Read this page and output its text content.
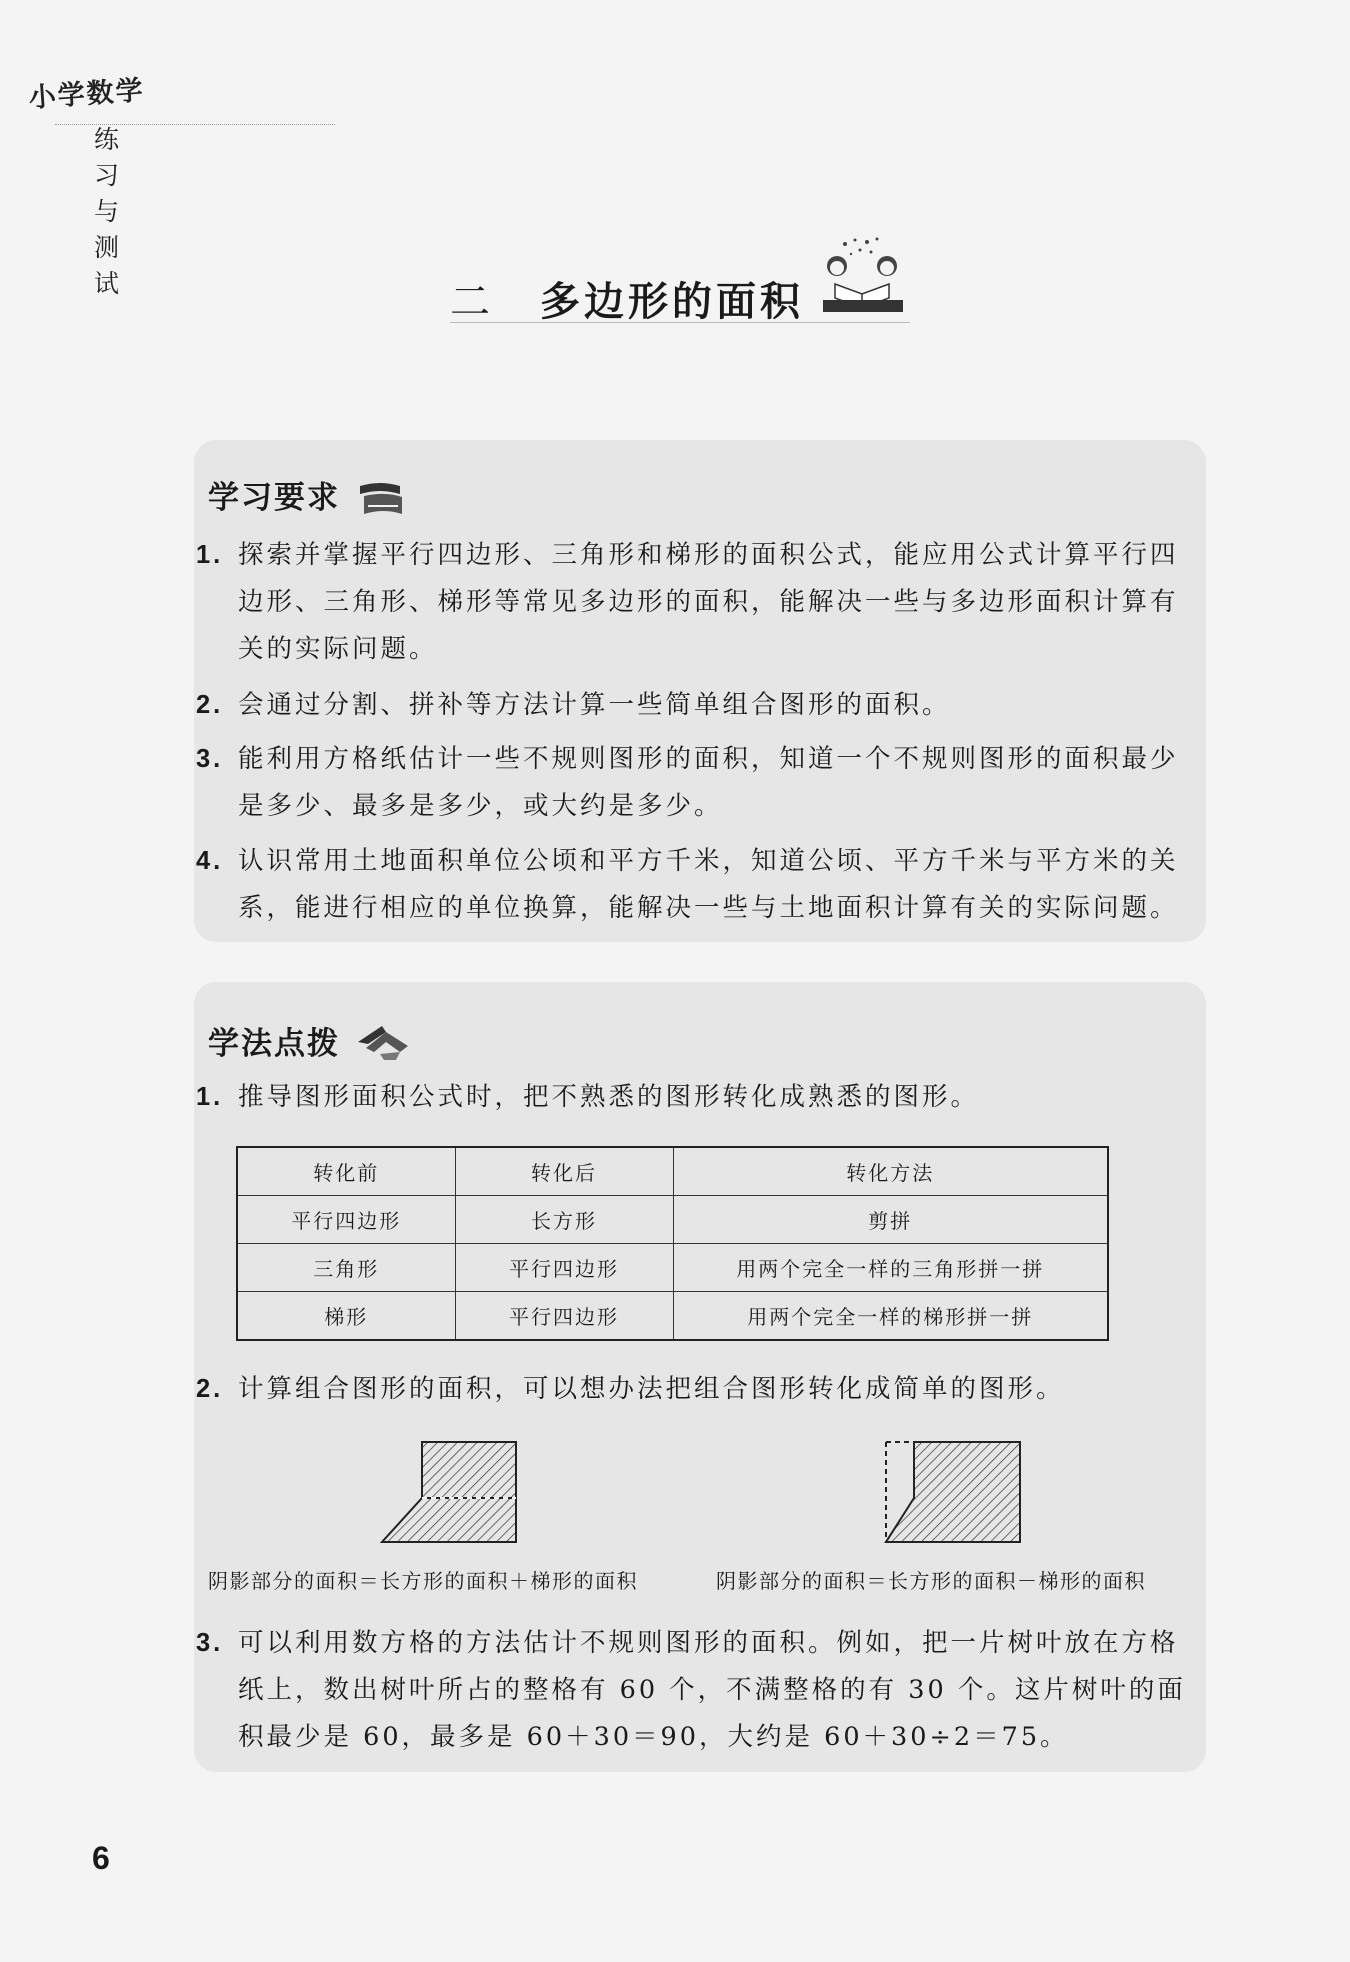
小学数学
练习与测试	二 多边形的面积
学习要求
1. 探索并掌握平行四边形、三角形和梯形的面积公式，能应用公式计算平行四边形、三角形、梯形等常见多边形的面积，能解决一些与多边形面积计算有关的实际问题。
2. 会通过分割、拼补等方法计算一些简单组合图形的面积。
3. 能利用方格纸估计一些不规则图形的面积，知道一个不规则图形的面积最少是多少、最多是多少，或大约是多少。
4. 认识常用土地面积单位公顷和平方千米，知道公顷、平方千米与平方米的关系，能进行相应的单位换算，能解决一些与土地面积计算有关的实际问题。
学法点拨
1. 推导图形面积公式时，把不熟悉的图形转化成熟悉的图形。
转化前	转化后	转化方法
平行四边形	长方形	剪拼
三角形	平行四边形	用两个完全一样的三角形拼一拼
梯形	平行四边形	用两个完全一样的梯形拼一拼
2. 计算组合图形的面积，可以想办法把组合图形转化成简单的图形。
阴影部分的面积＝长方形的面积＋梯形的面积	阴影部分的面积＝长方形的面积－梯形的面积
3. 可以利用数方格的方法估计不规则图形的面积。例如，把一片树叶放在方格纸上，数出树叶所占的整格有 60 个，不满整格的有 30 个。这片树叶的面积最少是 60，最多是 60＋30＝90，大约是 60＋30÷2＝75。
6
